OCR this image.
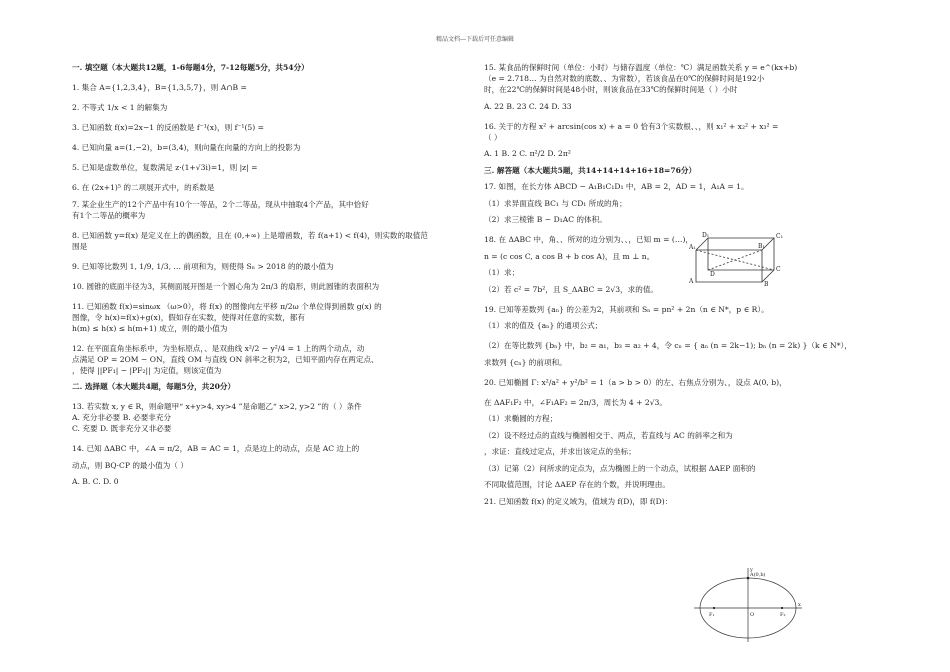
精品文档---下载后可任意编辑
一. 填空题（本大题共12题，1-6每题4分，7-12每题5分，共54分）
1. 集合 A={1,2,3,4}，B={1,3,5,7}，则 A∩B =
2. 不等式 1/x < 1 的解集为
3. 已知函数 f(x)=2x−1 的反函数是 f⁻¹(x)，则 f⁻¹(5) =
4. 已知向量 a=(1,−2)，b=(3,4)，则向量在向量的方向上的投影为
5. 已知是虚数单位，复数满足 z·(1+√3i)=1，则 |z| =
6. 在 (2x+1)⁵ 的二项展开式中，的系数是
7. 某企业生产的12个产品中有10个一等品，2个二等品，现从中抽取4个产品，其中恰好
有1个二等品的概率为
8. 已知函数 y=f(x) 是定义在上的偶函数，且在 (0,+∞) 上是增函数，若 f(a+1) < f(4)，则实数的取值范
围是
9. 已知等比数列 1, 1/9, 1/3, … 前项和为，则使得 Sₙ > 2018 的的最小值为
10. 圆锥的底面半径为3，其侧面展开图是一个圆心角为 2π/3 的扇形，则此圆锥的表面积为
11. 已知函数 f(x)=sinωx （ω>0），将 f(x) 的图像向左平移 π/2ω 个单位得到函数 g(x) 的
图像，令 h(x)=f(x)+g(x)，假如存在实数，使得对任意的实数，都有
h(m) ≤ h(x) ≤ h(m+1) 成立，则的最小值为
12. 在平面直角坐标系中，为坐标原点，、是双曲线 x²/2 − y²/4 = 1 上的两个动点，动
点满足 OP = 2OM − ON，直线 OM 与直线 ON 斜率之积为2，已知平面内存在两定点、
，使得 ||PF₁| − |PF₂|| 为定值，则该定值为
二. 选择题（本大题共4题，每题5分，共20分）
13. 若实数 x, y ∈ R，则命题甲“ x+y>4, xy>4 ”是命题乙“ x>2, y>2 ”的（ ）条件
A. 充分非必要 B. 必要非充分
C. 充要 D. 既非充分又非必要
14. 已知 ΔABC 中，∠A = π/2，AB = AC = 1，点是边上的动点，点是 AC 边上的
动点，则 BQ·CP 的最小值为（ ）
A. B. C. D. 0
15. 某食品的保鲜时间（单位：小时）与储存温度（单位：℃）满足函数关系 y = e^(kx+b)
（e = 2.718… 为自然对数的底数、、为常数），若该食品在0℃的保鲜时间是192小
时，在22℃的保鲜时间是48小时，则该食品在33℃的保鲜时间是（ ）小时
A. 22 B. 23 C. 24 D. 33
16. 关于的方程 x² + arcsin(cos x) + a = 0 恰有3个实数根、、，则 x₁² + x₂² + x₃² =
（ ）
A. 1 B. 2 C. π²/2 D. 2π²
三. 解答题（本大题共5题，共14+14+14+16+18=76分）
17. 如图，在长方体 ABCD − A₁B₁C₁D₁ 中，AB = 2，AD = 1，A₁A = 1。
（1）求异面直线 BC₁ 与 CD₁ 所成的角；
（2）求三棱锥 B − D₁AC 的体积。
18. 在 ΔABC 中，角、、所对的边分别为、、，已知 m = (…)，
n = (c cos C, a cos B + b cos A)，且 m ⊥ n。
（1）求；
（2）若 c² = 7b²，且 S_ΔABC = 2√3，求的值。
19. 已知等差数列 {aₙ} 的公差为2，其前项和 Sₙ = pn² + 2n（n ∈ N*，p ∈ R）。
（1）求的值及 {aₙ} 的通项公式；
（2）在等比数列 {bₙ} 中，b₂ = a₁，b₃ = a₂ + 4，令 cₙ = { aₙ (n = 2k−1); bₙ (n = 2k) }（k ∈ N*），
求数列 {cₙ} 的前项和。
20. 已知椭圆 Γ: x²/a² + y²/b² = 1（a > b > 0）的左、右焦点分别为、，设点 A(0, b)，
在 ΔAF₁F₂ 中，∠F₁AF₂ = 2π/3，周长为 4 + 2√3。
（1）求椭圆的方程；
（2）设不经过点的直线与椭圆相交于、两点，若直线与 AC 的斜率之和为
，求证：直线过定点，并求出该定点的坐标；
（3）记第（2）问所求的定点为，点为椭圆上的一个动点，试根据 ΔAEP 面积的
不同取值范围，讨论 ΔAEP 存在的个数，并说明理由。
21. 已知函数 f(x) 的定义域为，值域为 f(D)，即 f(D)：
D₁	C₁
A₁	B₁
D
C
A	B
A(0,b)
F₁	O	F₂
x
y
